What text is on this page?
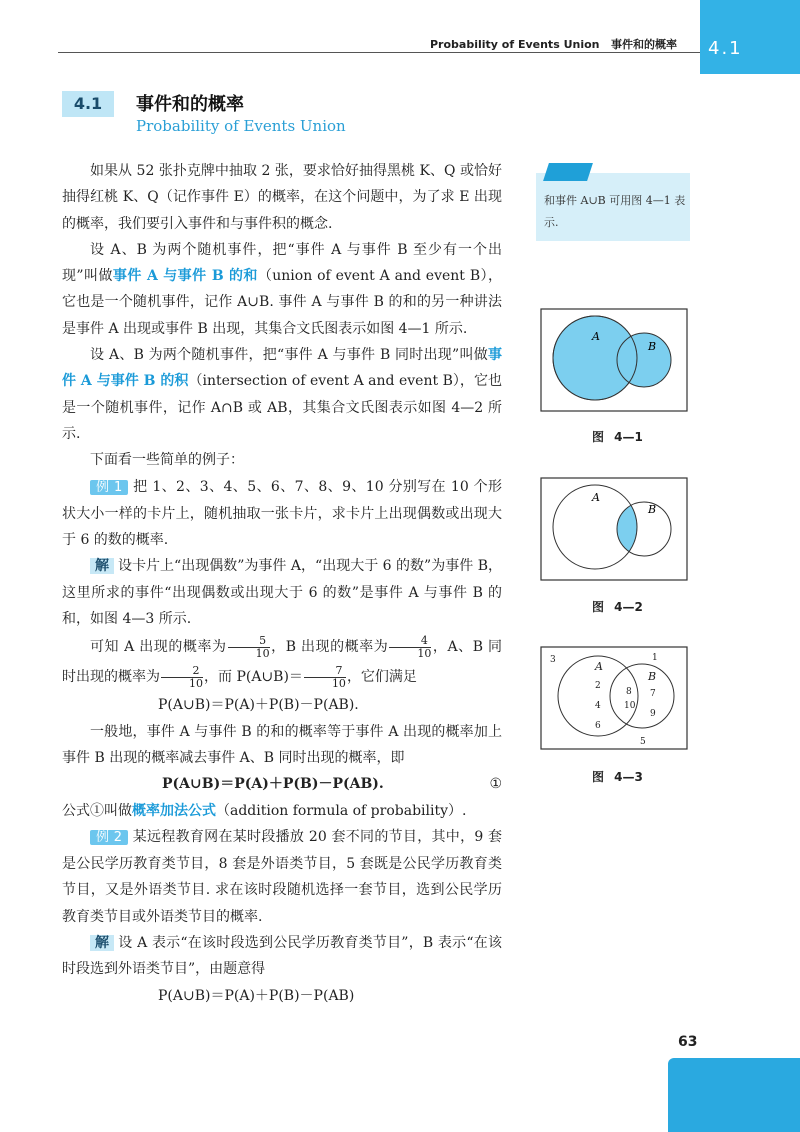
Probability of Events Union 事件和的概率 4.1
4.1	事件和的概率
Probability of Events Union

如果从 52 张扑克牌中抽取 2 张，要求恰好抽得黑桃 K、Q 或恰好抽得红桃 K、Q（记作事件 E）的概率，在这个问题中，为了求 E 出现的概率，我们要引入事件和与事件积的概念.

设 A、B 为两个随机事件，把“事件 A 与事件 B 至少有一个出现”叫做事件 A 与事件 B 的和（union of event A and event B），它也是一个随机事件，记作 A∪B. 事件 A 与事件 B 的和的另一种讲法是事件 A 出现或事件 B 出现，其集合文氏图表示如图 4—1 所示.

设 A、B 为两个随机事件，把“事件 A 与事件 B 同时出现”叫做事件 A 与事件 B 的积（intersection of event A and event B），它也是一个随机事件，记作 A∩B 或 AB，其集合文氏图表示如图 4—2 所示.

下面看一些简单的例子：

例 1 把 1、2、3、4、5、6、7、8、9、10 分别写在 10 个形状大小一样的卡片上，随机抽取一张卡片，求卡片上出现偶数或出现大于 6 的数的概率.

解 设卡片上“出现偶数”为事件 A，“出现大于 6 的数”为事件 B，这里所求的事件“出现偶数或出现大于 6 的数”是事件 A 与事件 B 的和，如图 4—3 所示.

可知 A 出现的概率为 $\frac{5}{10}$ ，B 出现的概率为 $\frac{4}{10}$ ，A、B 同时出现的概率为 $\frac{2}{10}$ ，而 P(A∪B)＝ $\frac{7}{10}$ ，它们满足

P(A∪B)＝P(A)＋P(B)－P(AB).

一般地，事件 A 与事件 B 的和的概率等于事件 A 出现的概率加上事件 B 出现的概率减去事件 A、B 同时出现的概率，即

P(A∪B)＝P(A)＋P(B)－P(AB).	①

公式①叫做概率加法公式（addition formula of probability）.

例 2 某远程教育网在某时段播放 20 套不同的节目，其中，9 套是公民学历教育类节目，8 套是外语类节目，5 套既是公民学历教育类节目，又是外语类节目. 求在该时段随机选择一套节目，选到公民学历教育类节目或外语类节目的概率.

解 设 A 表示“在该时段选到公民学历教育类节目”，B 表示“在该时段选到外语类节目”，由题意得

P(A∪B)＝P(A)＋P(B)－P(AB)

和事件 A∪B 可用图 4—1 表示.
A
B
图 4—1
A
B
图 4—2
A
B
3	1
2
4
6
8
10
7
9
5
图 4—3
63
